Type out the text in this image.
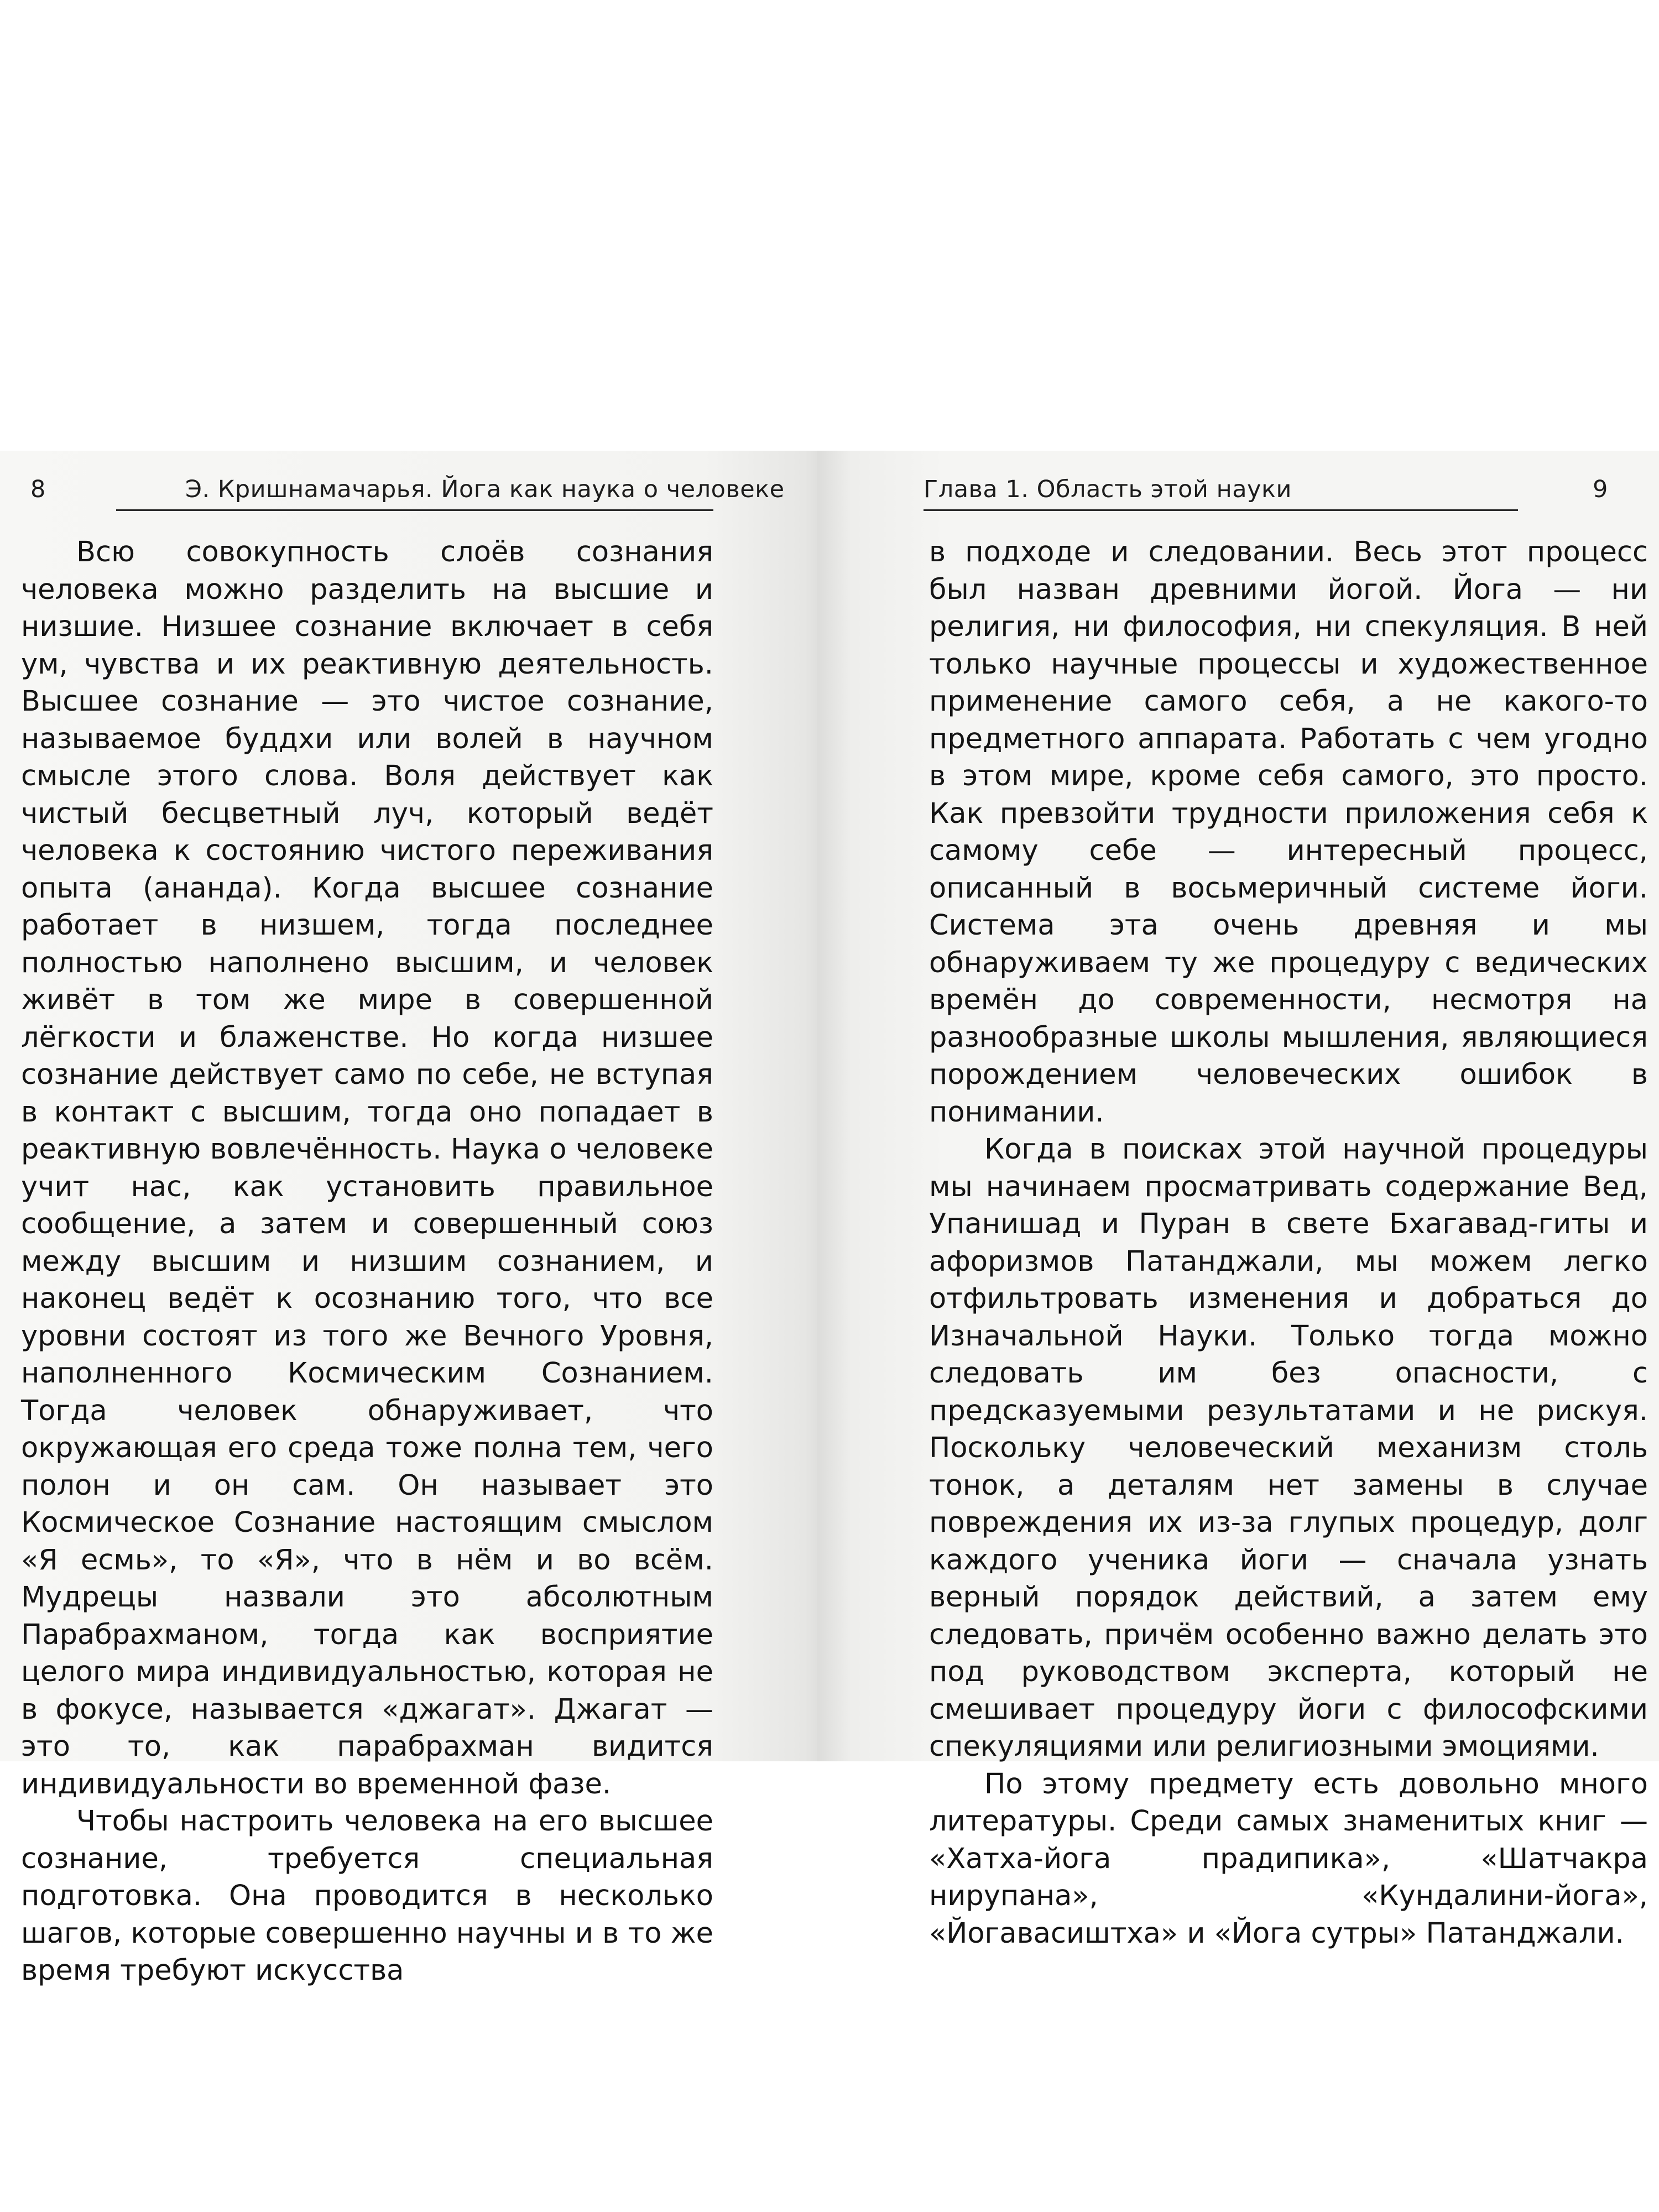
8	Э. Кришнамачарья. Йога как наука о человеке

Всю совокупность слоёв сознания человека можно разделить на высшие и низшие. Низшее сознание включает в себя ум, чувства и их реактивную деятельность. Высшее сознание — это чистое сознание, называемое буддхи или волей в научном смысле этого слова. Воля действует как чистый бесцветный луч, который ведёт человека к состоянию чистого переживания опыта (ананда). Когда высшее сознание работает в низшем, тогда последнее полностью наполнено высшим, и человек живёт в том же мире в совершенной лёгкости и блаженстве. Но когда низшее сознание действует само по себе, не вступая в контакт с высшим, тогда оно попадает в реактивную вовлечённость. Наука о человеке учит нас, как установить правильное сообщение, а затем и совершенный союз между высшим и низшим сознанием, и наконец ведёт к осознанию того, что все уровни состоят из того же Вечного Уровня, наполненного Космическим Сознанием. Тогда человек обнаруживает, что окружающая его среда тоже полна тем, чего полон и он сам. Он называет это Космическое Сознание настоящим смыслом «Я есмь», то «Я», что в нём и во всём. Мудрецы назвали это абсолютным Парабрахманом, тогда как восприятие целого мира индивидуальностью, которая не в фокусе, называется «джагат». Джагат — это то, как парабрахман видится индивидуальности во временной фазе.

Чтобы настроить человека на его высшее сознание, требуется специальная подготовка. Она проводится в несколько шагов, которые совершенно научны и в то же время требуют искусства

Глава 1. Область этой науки	9

в подходе и следовании. Весь этот процесс был назван древними йогой. Йога — ни религия, ни философия, ни спекуляция. В ней только научные процессы и художественное применение самого себя, а не какого-то предметного аппарата. Работать с чем угодно в этом мире, кроме себя самого, это просто. Как превзойти трудности приложения себя к самому себе — интересный процесс, описанный в восьмеричный системе йоги. Система эта очень древняя и мы обнаруживаем ту же процедуру с ведических времён до современности, несмотря на разнообразные школы мышления, являющиеся порождением человеческих ошибок в понимании.

Когда в поисках этой научной процедуры мы начинаем просматривать содержание Вед, Упанишад и Пуран в свете Бхагавад-гиты и афоризмов Патанджали, мы можем легко отфильтровать изменения и добраться до Изначальной Науки. Только тогда можно следовать им без опасности, с предсказуемыми результатами и не рискуя. Поскольку человеческий механизм столь тонок, а деталям нет замены в случае повреждения их из-за глупых процедур, долг каждого ученика йоги — сначала узнать верный порядок действий, а затем ему следовать, причём особенно важно делать это под руководством эксперта, который не смешивает процедуру йоги с философскими спекуляциями или религиозными эмоциями.

По этому предмету есть довольно много литературы. Среди самых знаменитых книг — «Хатха-йога прадипика», «Шатчакра нирупана», «Кундалини-йога», «Йогавасиштха» и «Йога сутры» Патанджали.
